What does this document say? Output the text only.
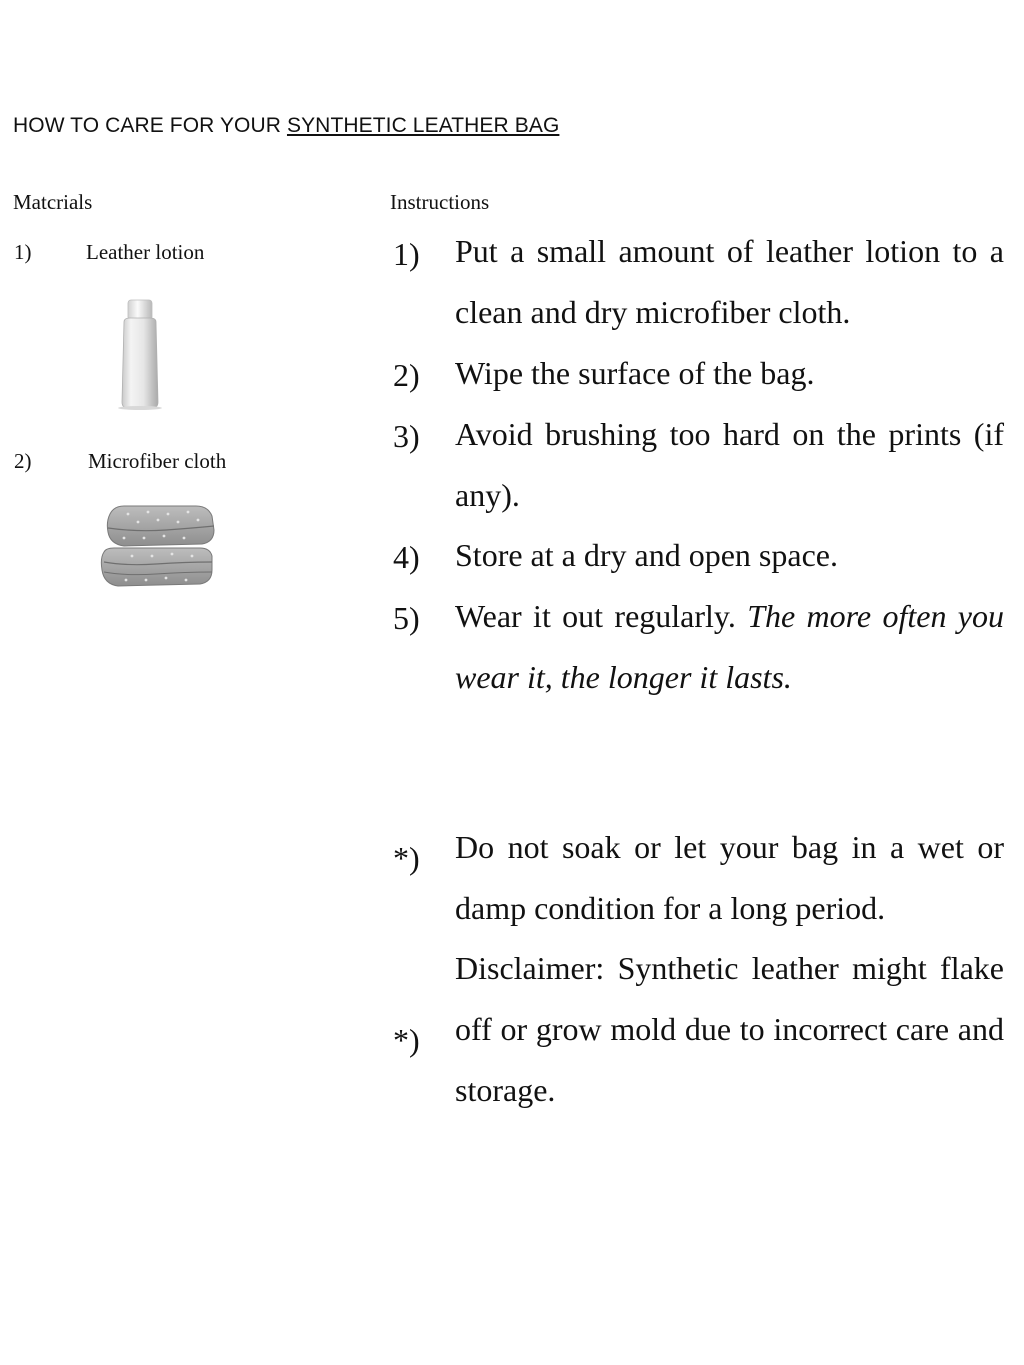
HOW TO CARE FOR YOUR SYNTHETIC LEATHER BAG
Matcrials
1)	Leather lotion
2)	Microfiber cloth
Instructions
1) Put a small amount of leather lotion to a clean and dry microfiber cloth.
2) Wipe the surface of the bag.
3) Avoid brushing too hard on the prints (if any).
4) Store at a dry and open space.
5) Wear it out regularly. The more often you wear it, the longer it lasts.
*) Do not soak or let your bag in a wet or damp condition for a long period.
*)
Disclaimer: Synthetic leather might flake off or grow mold due to incorrect care and storage.
